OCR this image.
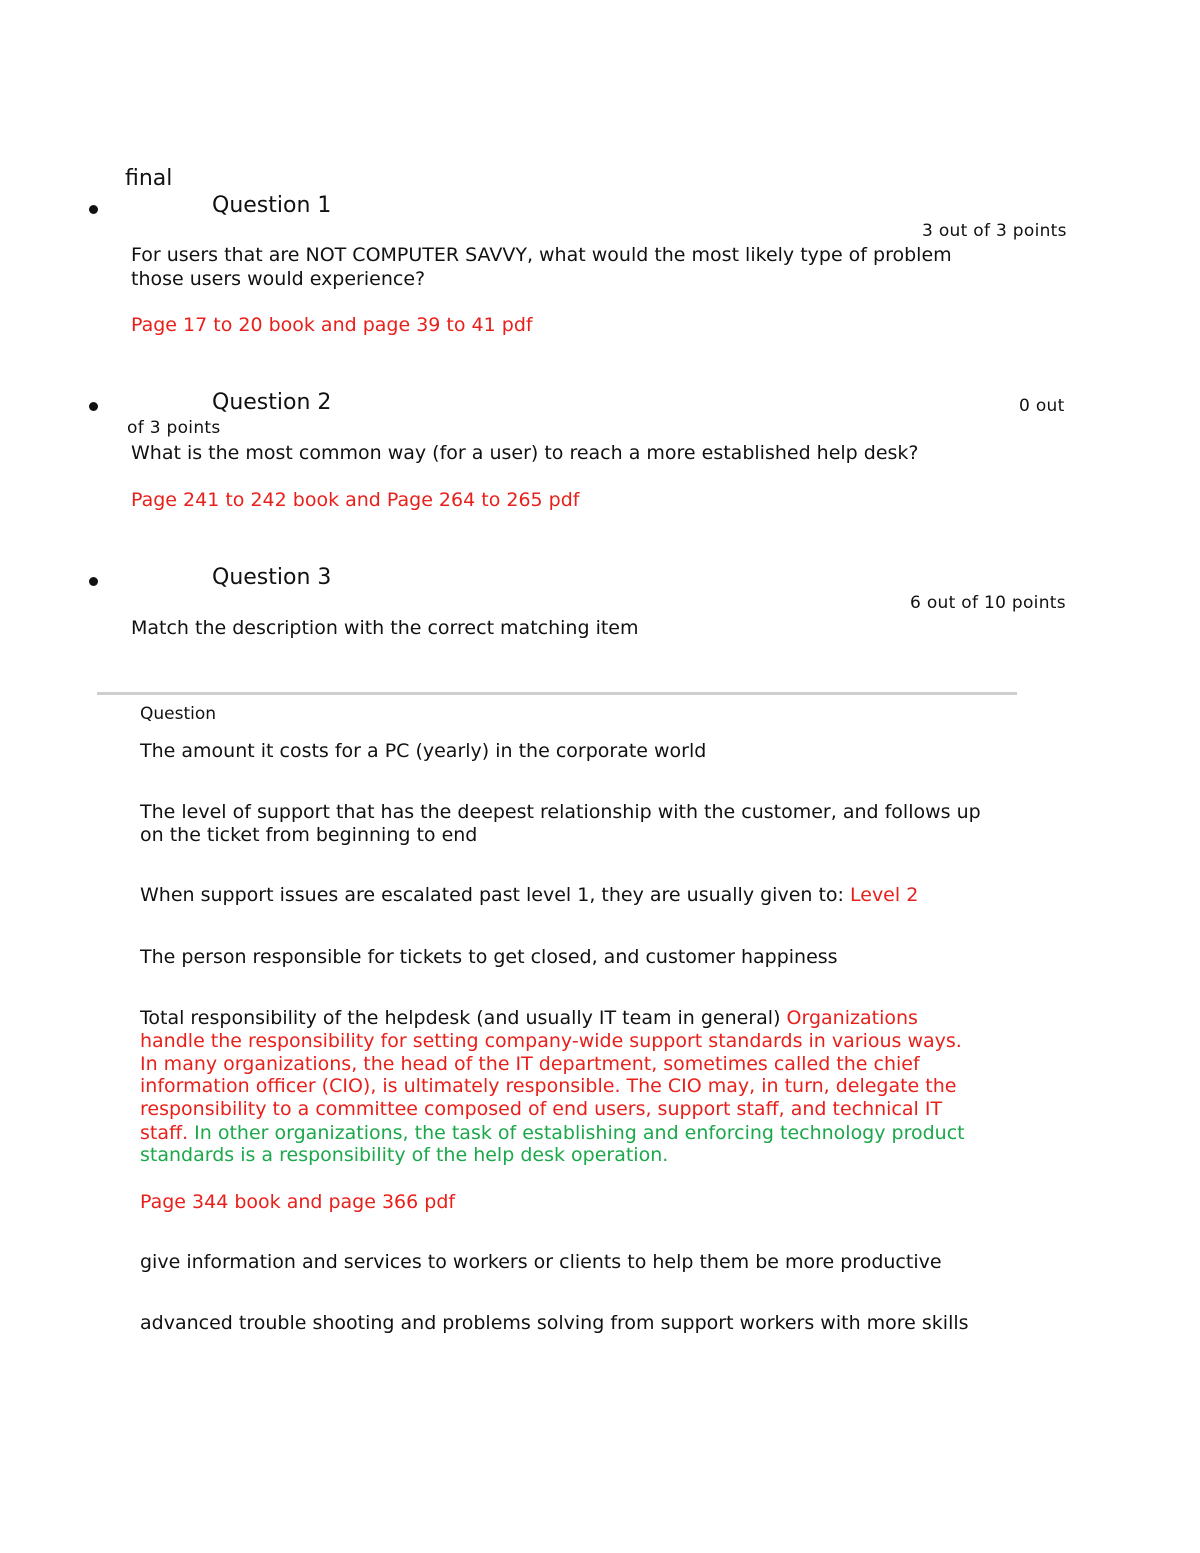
final
Question 1
3 out of 3 points
For users that are NOT COMPUTER SAVVY, what would the most likely type of problem
those users would experience?
Page 17 to 20 book and page 39 to 41 pdf
Question 2	0 out
of 3 points
What is the most common way (for a user) to reach a more established help desk?
Page 241 to 242 book and Page 264 to 265 pdf
Question 3
6 out of 10 points
Match the description with the correct matching item
Question
The amount it costs for a PC (yearly) in the corporate world
The level of support that has the deepest relationship with the customer, and follows up
on the ticket from beginning to end
When support issues are escalated past level 1, they are usually given to: Level 2
The person responsible for tickets to get closed, and customer happiness
Total responsibility of the helpdesk (and usually IT team in general) Organizations
handle the responsibility for setting company-wide support standards in various ways.
In many organizations, the head of the IT department, sometimes called the chief
information officer (CIO), is ultimately responsible. The CIO may, in turn, delegate the
responsibility to a committee composed of end users, support staff, and technical IT
staff. In other organizations, the task of establishing and enforcing technology product
standards is a responsibility of the help desk operation.
Page 344 book and page 366 pdf
give information and services to workers or clients to help them be more productive
advanced trouble shooting and problems solving from support workers with more skills
